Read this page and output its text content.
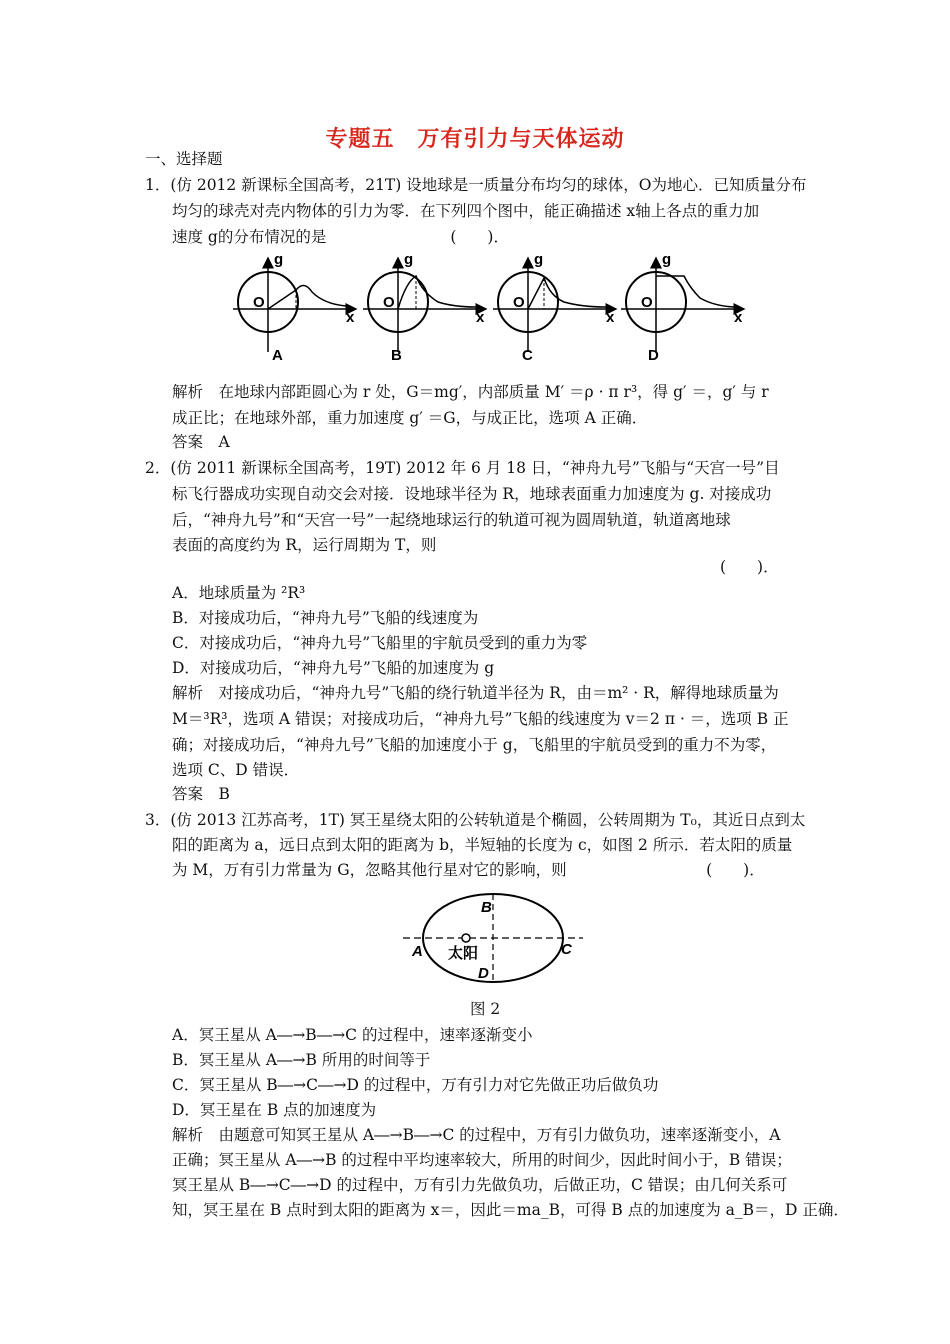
专题五　万有引力与天体运动
一、选择题
1．(仿 2012 新课标全国高考，21T) 设地球是一质量分布均匀的球体，O为地心．已知质量分布
均匀的球壳对壳内物体的引力为零．在下列四个图中，能正确描述 x轴上各点的重力加
速度 g的分布情况的是　　　　　　　　(　　)．
g
O
x
A
g
O
x
B
g
O
x
C
g
O
x
D
解析　在地球内部距圆心为 r 处，G＝mg′，内部质量 M′ ＝ρ · π r³，得 g′ ＝，g′ 与 r
成正比；在地球外部，重力加速度 g′ ＝G，与成正比，选项 A 正确．
答案　A
2．(仿 2011 新课标全国高考，19T) 2012 年 6 月 18 日，“神舟九号”飞船与“天宫一号”目
标飞行器成功实现自动交会对接．设地球半径为 R，地球表面重力加速度为 g. 对接成功
后，“神舟九号”和“天宫一号”一起绕地球运行的轨道可视为圆周轨道，轨道离地球
表面的高度约为 R，运行周期为 T，则
(　　)．
A．地球质量为 ²R³
B．对接成功后，“神舟九号”飞船的线速度为
C．对接成功后，“神舟九号”飞船里的宇航员受到的重力为零
D．对接成功后，“神舟九号”飞船的加速度为 g
解析　对接成功后，“神舟九号”飞船的绕行轨道半径为 R，由＝m² · R，解得地球质量为
M＝³R³，选项 A 错误；对接成功后，“神舟九号”飞船的线速度为 v＝2 π · ＝，选项 B 正
确；对接成功后，“神舟九号”飞船的加速度小于 g，飞船里的宇航员受到的重力不为零，
选项 C、D 错误．
答案　B
3．(仿 2013 江苏高考，1T) 冥王星绕太阳的公转轨道是个椭圆，公转周期为 T₀，其近日点到太
阳的距离为 a，远日点到太阳的距离为 b，半短轴的长度为 c，如图 2 所示．若太阳的质量
为 M，万有引力常量为 G，忽略其他行星对它的影响，则　　　　　　　　　(　　)．
B
A	C
D
太阳
图 2
A．冥王星从 A―→B―→C 的过程中，速率逐渐变小
B．冥王星从 A―→B 所用的时间等于
C．冥王星从 B―→C―→D 的过程中，万有引力对它先做正功后做负功
D．冥王星在 B 点的加速度为
解析　由题意可知冥王星从 A―→B―→C 的过程中，万有引力做负功，速率逐渐变小，A
正确；冥王星从 A―→B 的过程中平均速率较大，所用的时间少，因此时间小于，B 错误；
冥王星从 B―→C―→D 的过程中，万有引力先做负功，后做正功，C 错误；由几何关系可
知，冥王星在 B 点时到太阳的距离为 x＝，因此＝ma_B，可得 B 点的加速度为 a_B＝，D 正确．
